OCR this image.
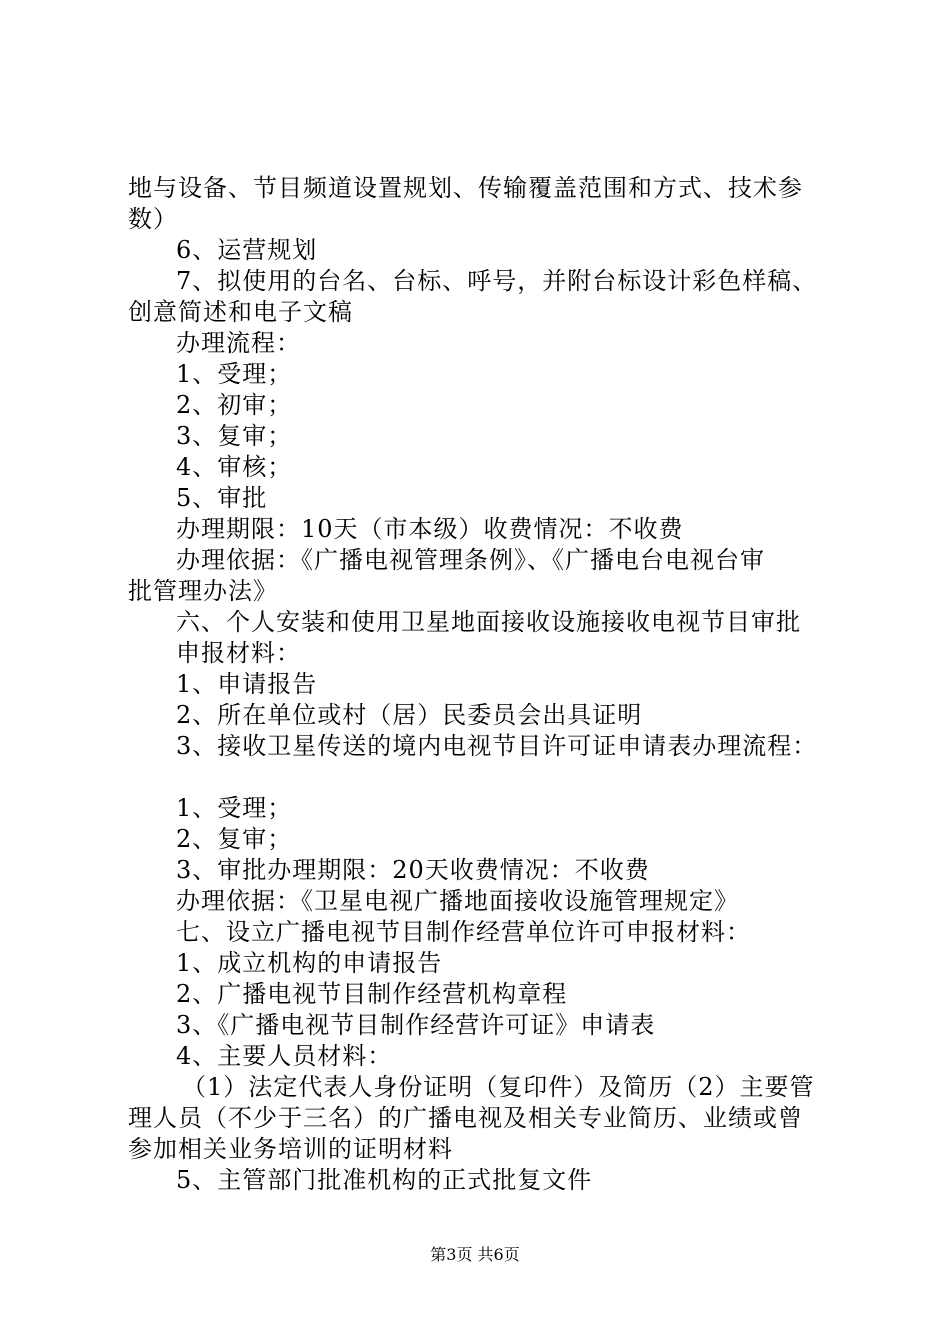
地与设备、节目频道设置规划、传输覆盖范围和方式、技术参
数）
6、运营规划
7、拟使用的台名、台标、呼号，并附台标设计彩色样稿、
创意简述和电子文稿
办理流程：
1、受理；
2、初审；
3、复审；
4、审核；
5、审批
办理期限：10天（市本级）收费情况：不收费
办理依据：《广播电视管理条例》、《广播电台电视台审
批管理办法》
六、个人安装和使用卫星地面接收设施接收电视节目审批
申报材料：
1、申请报告
2、所在单位或村（居）民委员会出具证明
3、接收卫星传送的境内电视节目许可证申请表办理流程：
1、受理；
2、复审；
3、审批办理期限：20天收费情况：不收费
办理依据：《卫星电视广播地面接收设施管理规定》
七、设立广播电视节目制作经营单位许可申报材料：
1、成立机构的申请报告
2、广播电视节目制作经营机构章程
3、《广播电视节目制作经营许可证》申请表
4、主要人员材料：
（1）法定代表人身份证明（复印件）及简历（2）主要管
理人员（不少于三名）的广播电视及相关专业简历、业绩或曾
参加相关业务培训的证明材料
5、主管部门批准机构的正式批复文件
第3页 共6页
